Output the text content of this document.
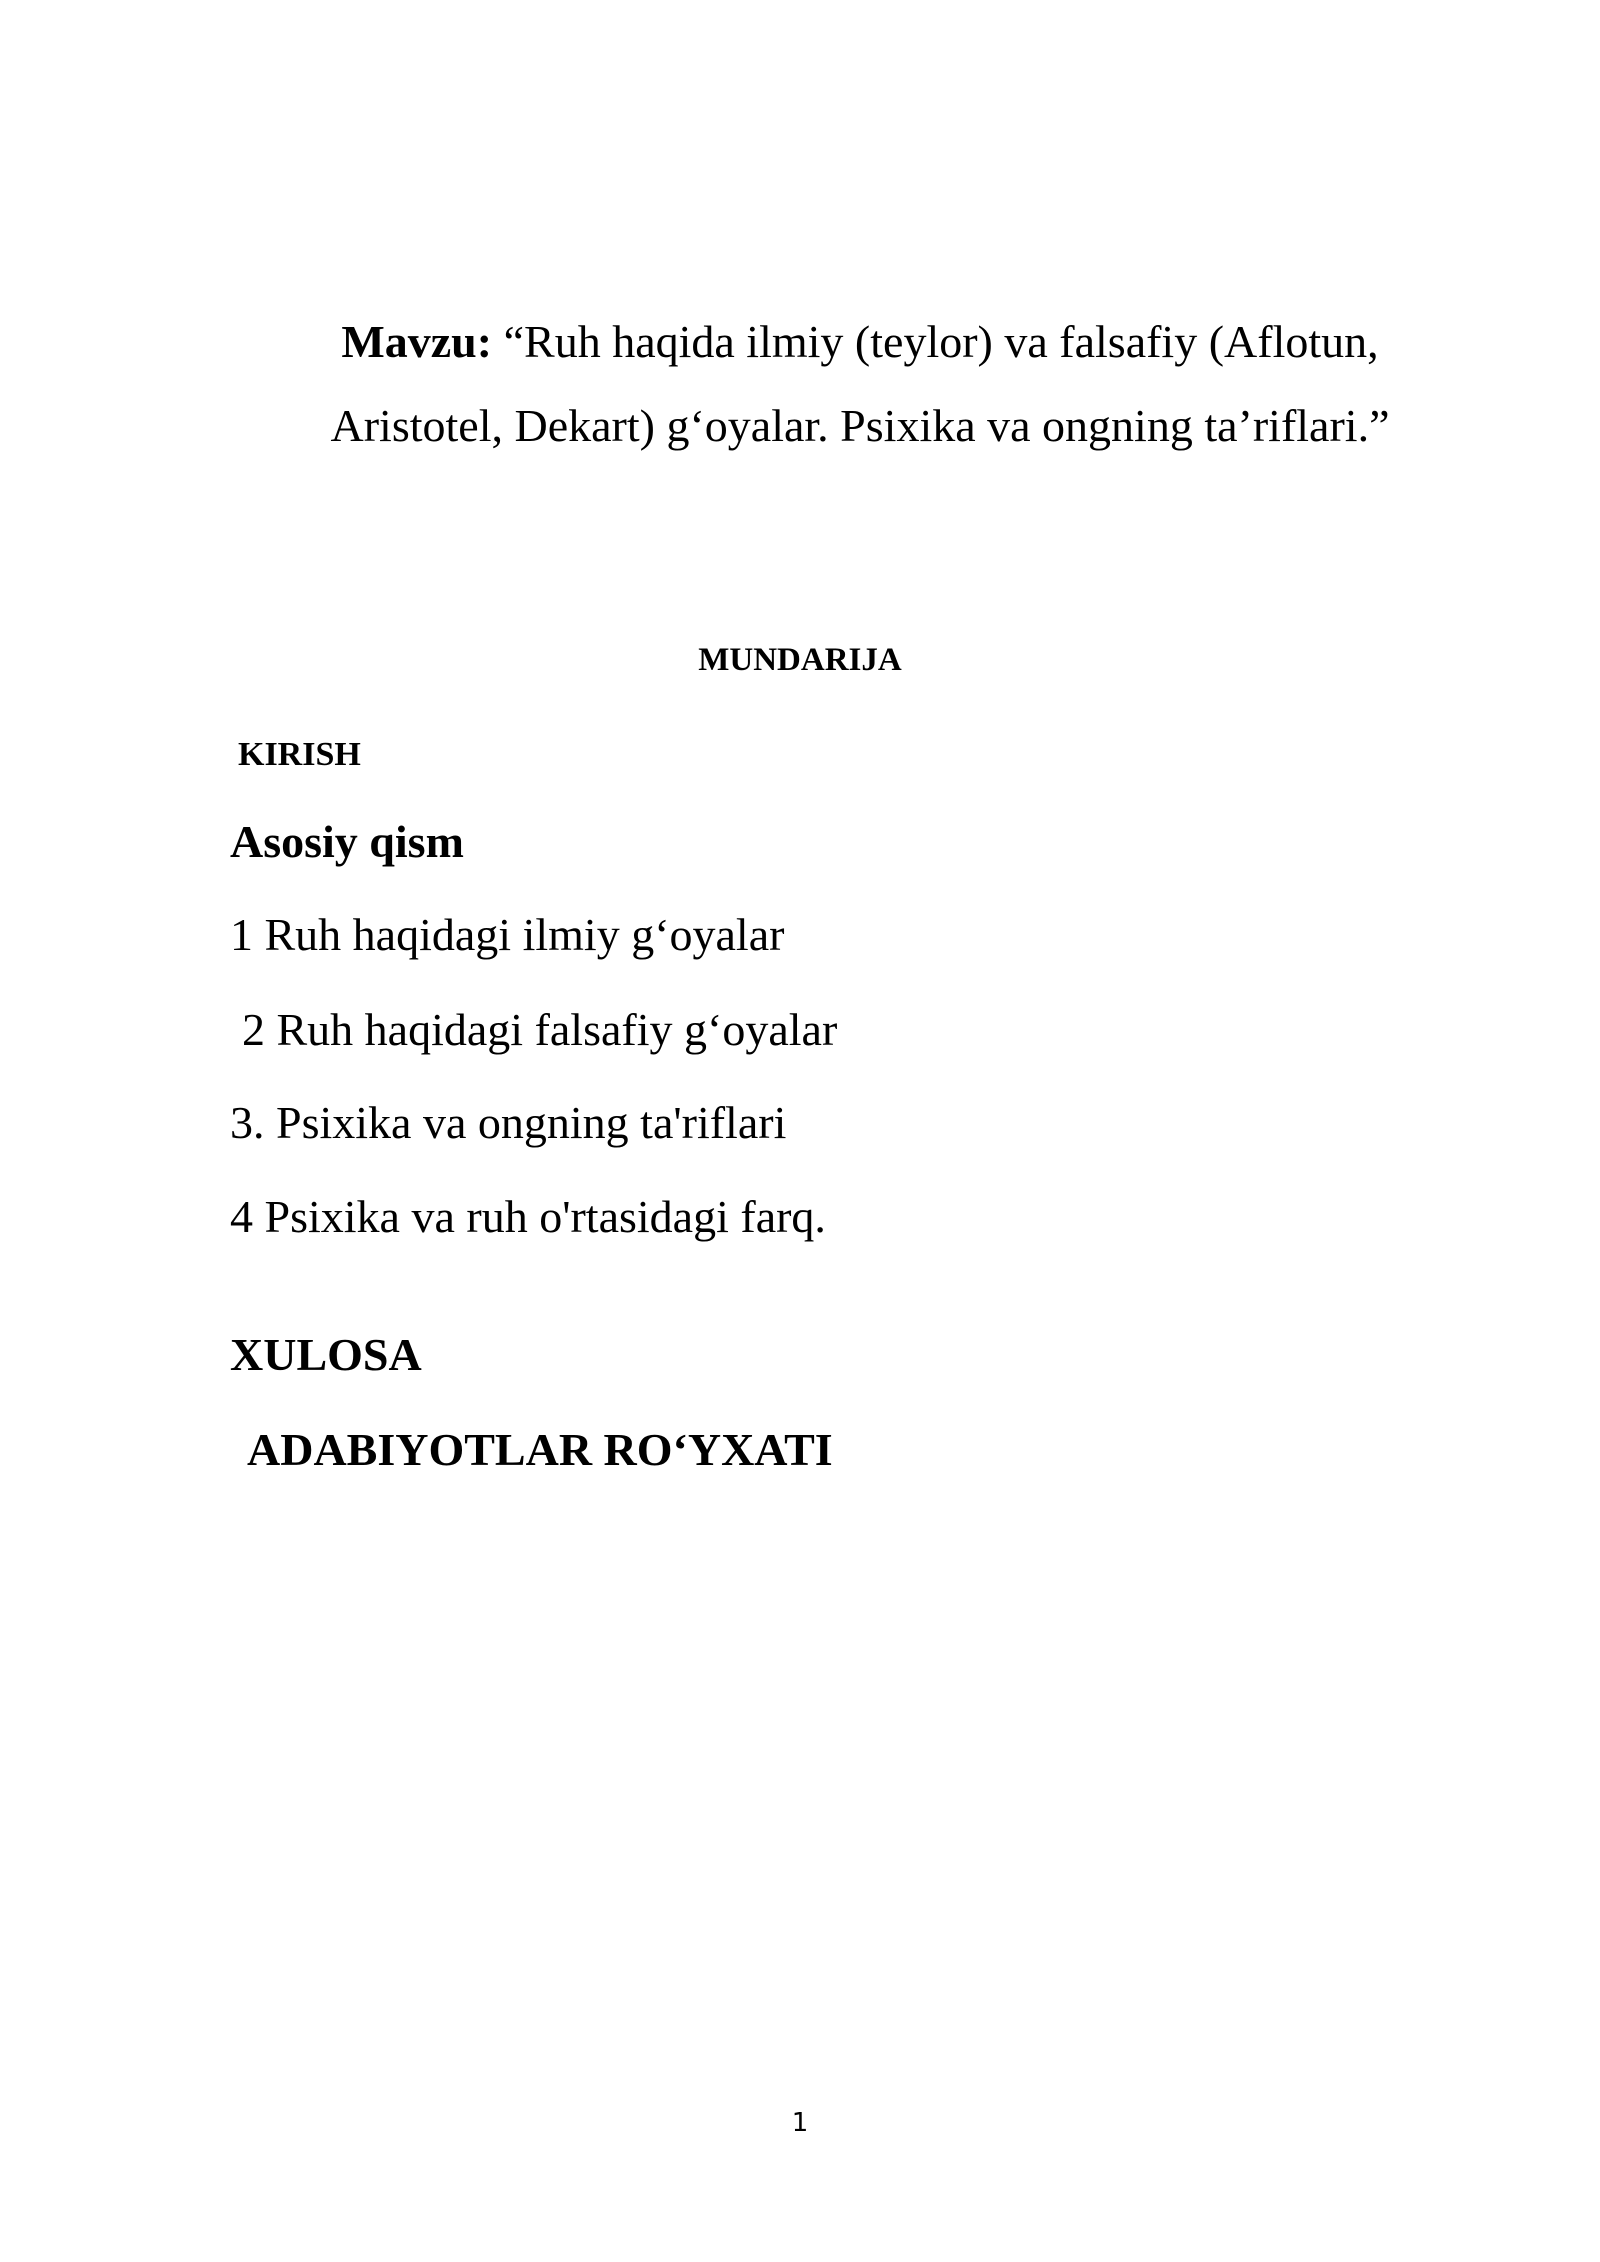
Mavzu: “Ruh haqida ilmiy (teylor) va falsafiy (Aflotun,
Aristotel, Dekart) g‘oyalar. Psixika va ongning ta’riflari.”
MUNDARIJA
KIRISH
Asosiy qism
1 Ruh haqidagi ilmiy g‘oyalar
2 Ruh haqidagi falsafiy g‘oyalar
3. Psixika va ongning ta'riflari
4 Psixika va ruh o'rtasidagi farq.
XULOSA
ADABIYOTLAR RO‘YXATI
1
